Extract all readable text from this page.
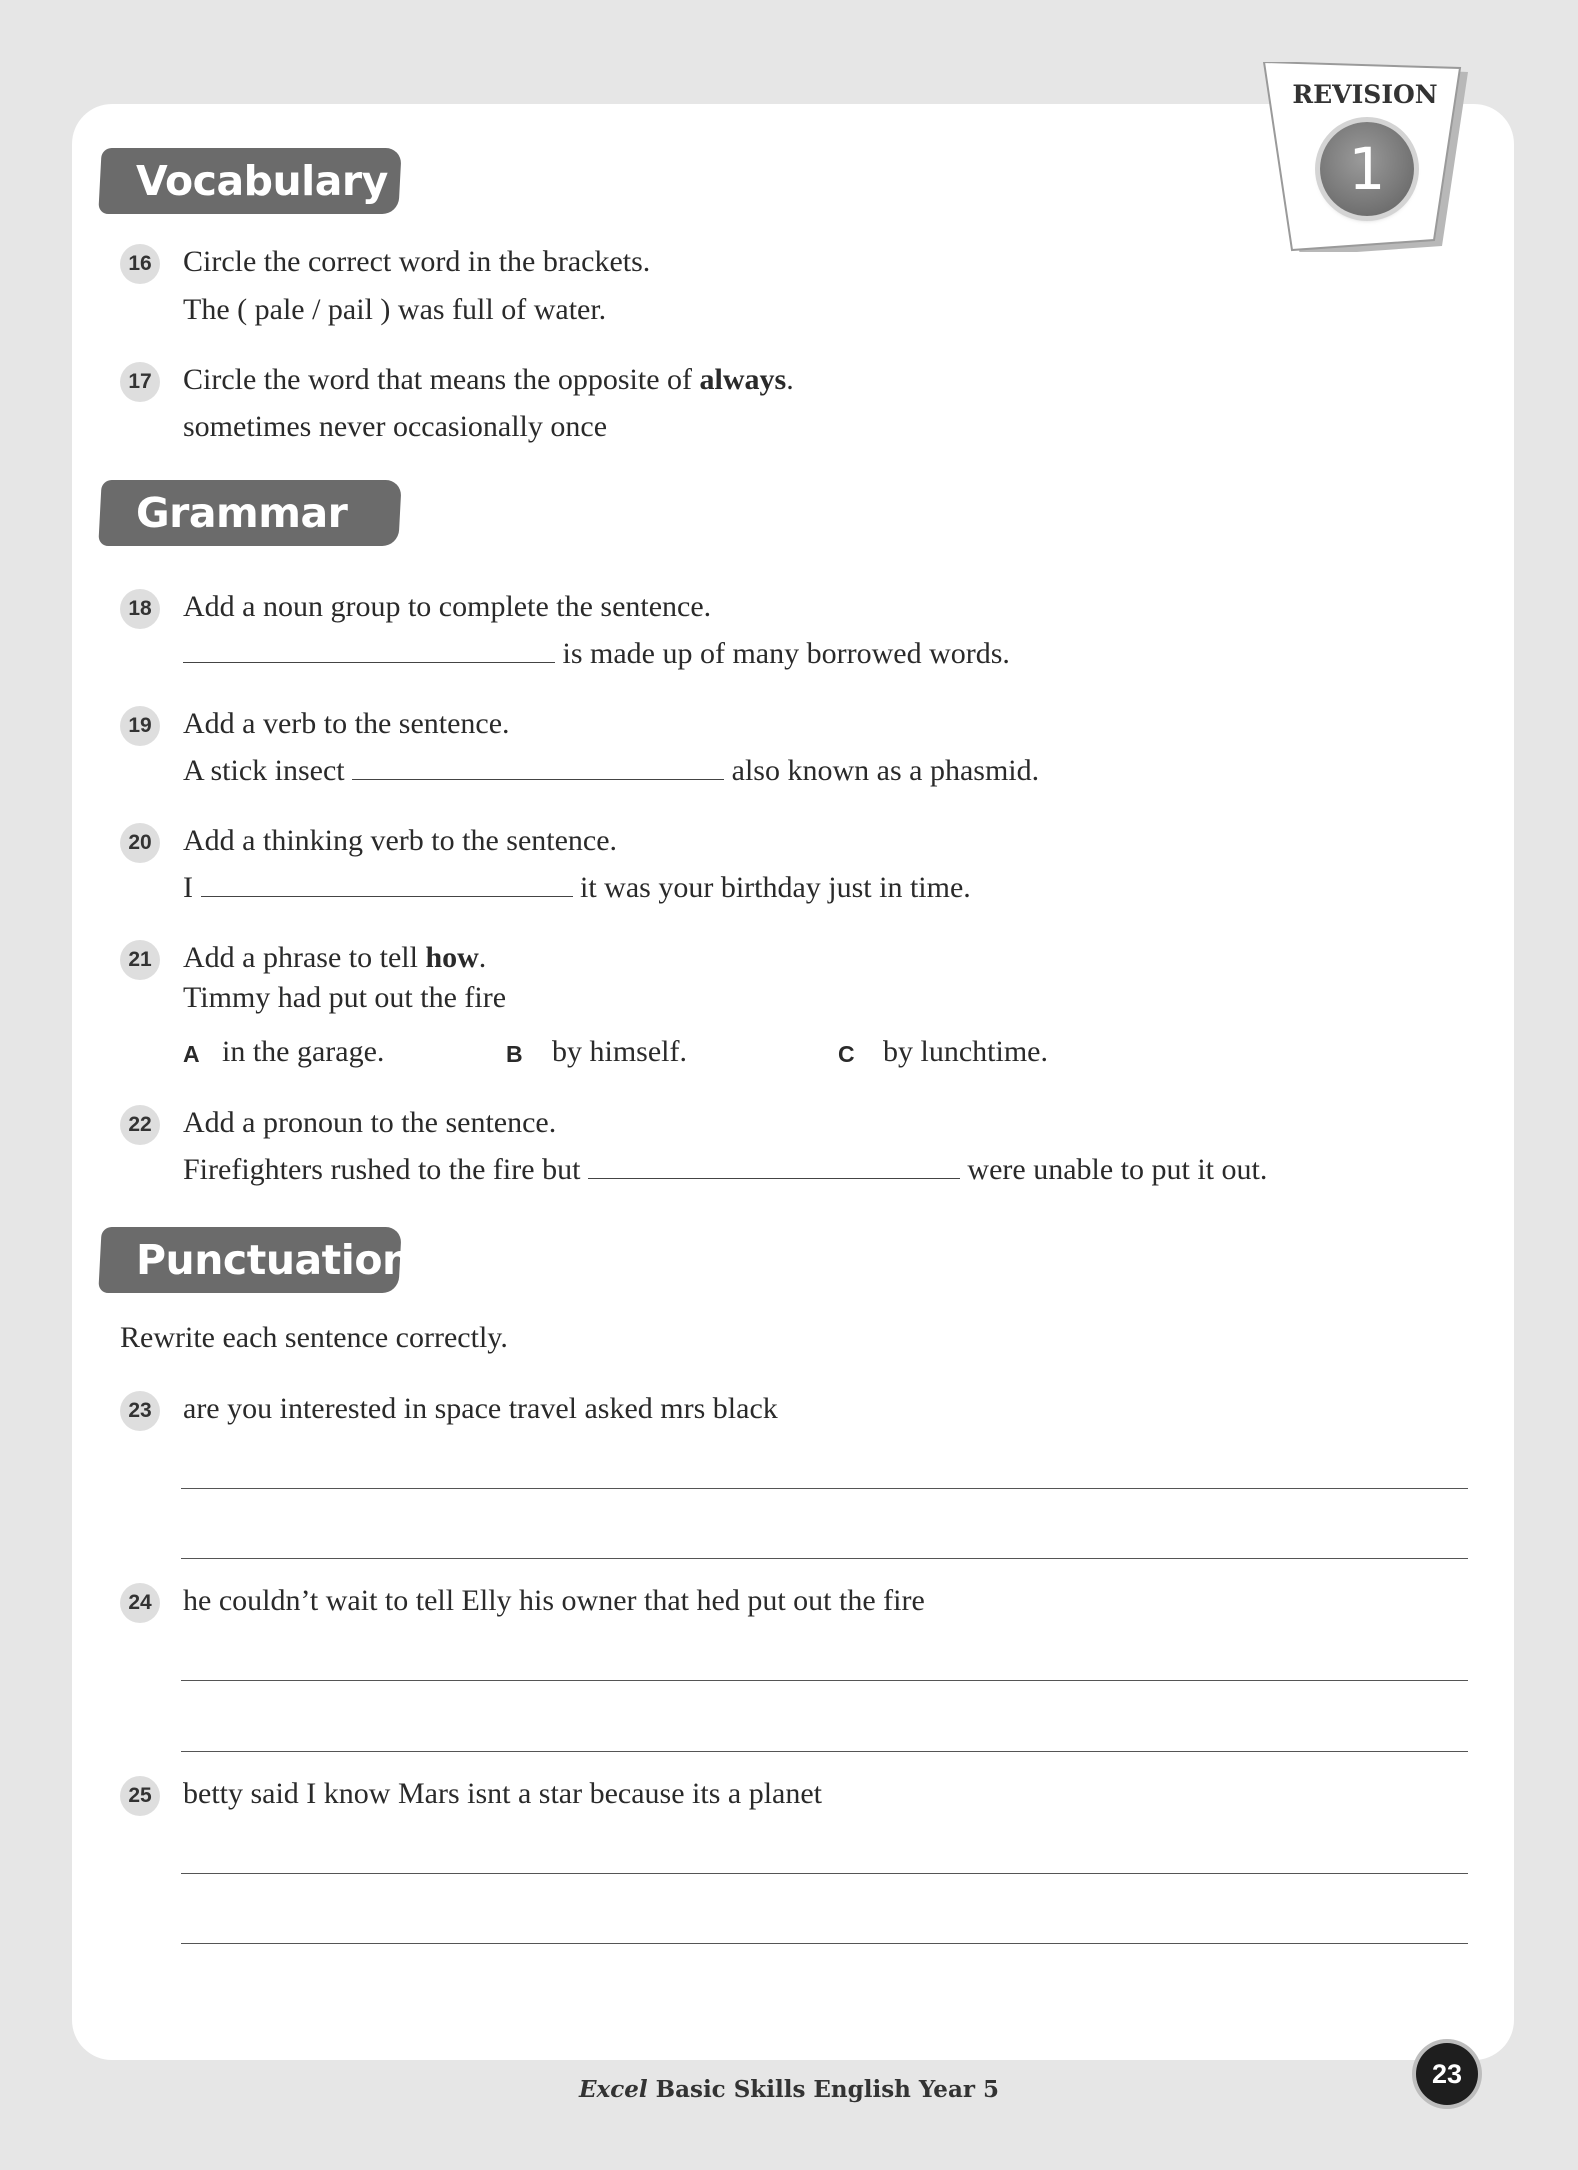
REVISION
1
Vocabulary
16 Circle the correct word in the brackets.
The ( pale / pail ) was full of water.
17 Circle the word that means the opposite of always.
sometimes never occasionally once
Grammar
18 Add a noun group to complete the sentence.
is made up of many borrowed words.
19 Add a verb to the sentence.
A stick insect	also known as a phasmid.
20 Add a thinking verb to the sentence.
I	it was your birthday just in time.
21 Add a phrase to tell how.
Timmy had put out the fire
A in the garage.	B by himself.	C by lunchtime.
22 Add a pronoun to the sentence.
Firefighters rushed to the fire but	were unable to put it out.
Punctuation
Rewrite each sentence correctly.
23 are you interested in space travel asked mrs black
24 he couldn’t wait to tell Elly his owner that hed put out the fire
25 betty said I know Mars isnt a star because its a planet
Excel Basic Skills English Year 5
23
